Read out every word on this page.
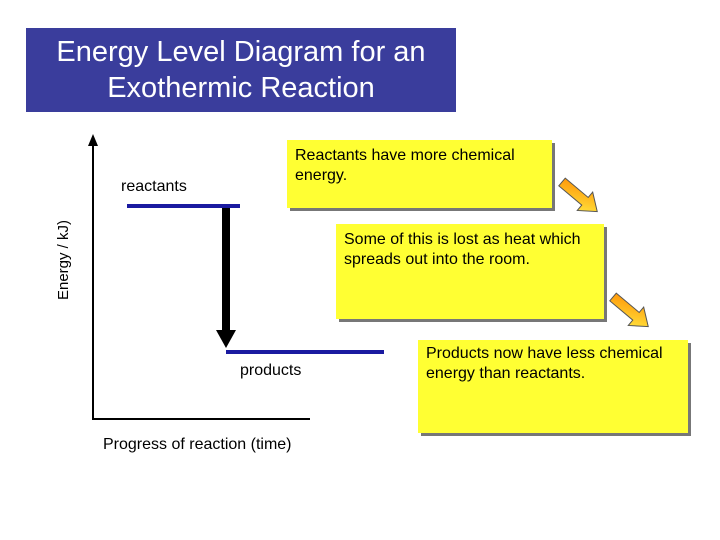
Energy Level Diagram for an
Exothermic Reaction
Energy / kJ)
Progress of reaction (time)
reactants
products

Reactants have more chemical energy.

Some of this is lost as heat which spreads out into the room.

Products now have less chemical energy than reactants.
